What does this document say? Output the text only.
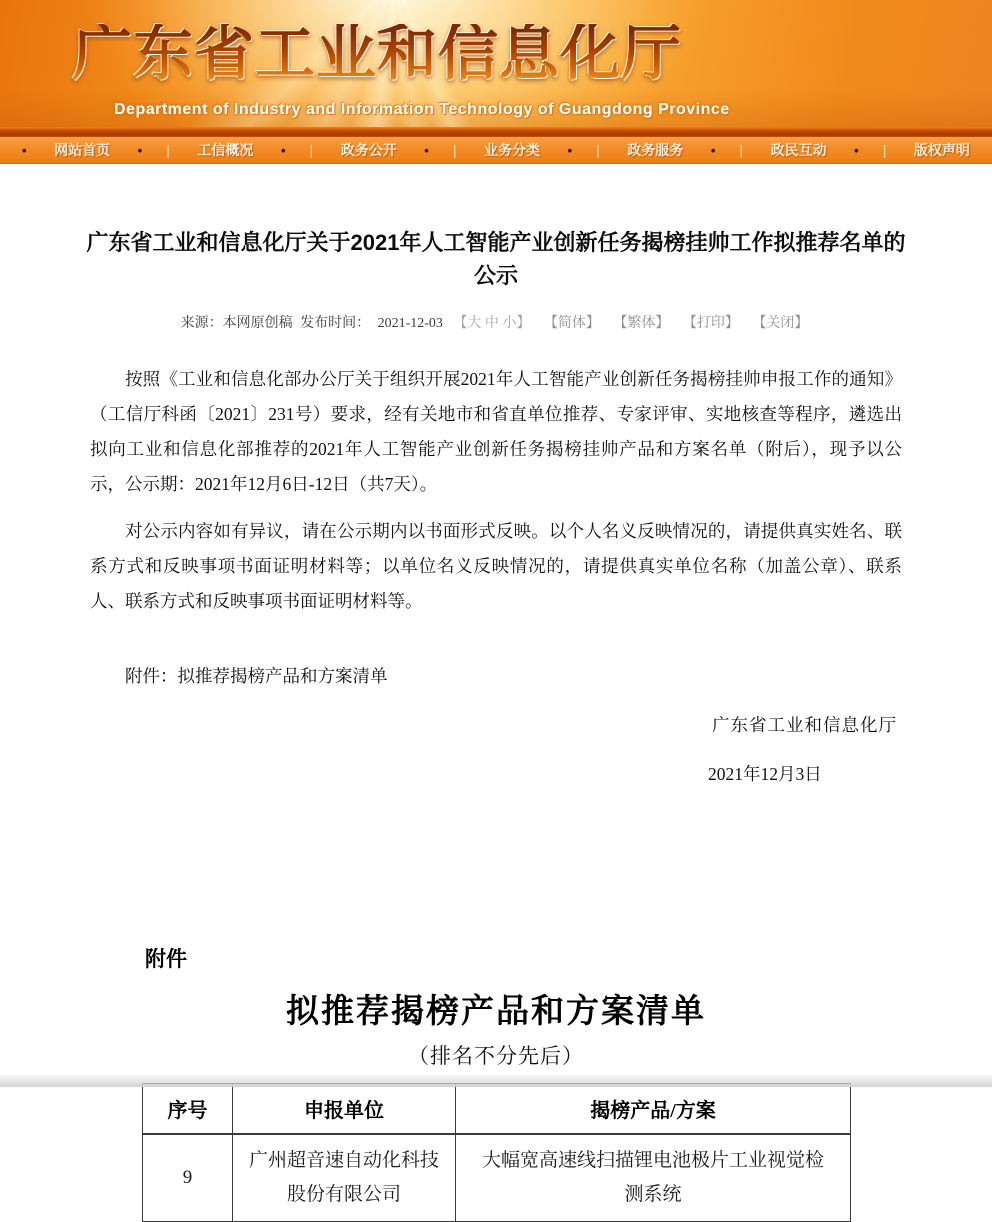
广东省工业和信息化厅
Department of Industry and Information Technology of Guangdong Province
• 网站首页 • | 工信概况 • | 政务公开 • | 业务分类 • | 政务服务 • | 政民互动 • | 版权声明
广东省工业和信息化厅关于2021年人工智能产业创新任务揭榜挂帅工作拟推荐名单的公示
来源：本网原创稿 发布时间： 2021-12-03 【大 中 小】 【简体】 【繁体】 【打印】 【关闭】

按照《工业和信息化部办公厅关于组织开展2021年人工智能产业创新任务揭榜挂帅申报工作的通知》（工信厅科函〔2021〕231号）要求，经有关地市和省直单位推荐、专家评审、实地核查等程序，遴选出拟向工业和信息化部推荐的2021年人工智能产业创新任务揭榜挂帅产品和方案名单（附后），现予以公示，公示期：2021年12月6日-12日（共7天）。

对公示内容如有异议，请在公示期内以书面形式反映。以个人名义反映情况的，请提供真实姓名、联系方式和反映事项书面证明材料等；以单位名义反映情况的，请提供真实单位名称（加盖公章）、联系人、联系方式和反映事项书面证明材料等。

附件：拟推荐揭榜产品和方案清单

广东省工业和信息化厅
2021年12月3日
附件
拟推荐揭榜产品和方案清单
（排名不分先后）
序号	申报单位	揭榜产品/方案
9	广州超音速自动化科技股份有限公司	大幅宽高速线扫描锂电池极片工业视觉检测系统
